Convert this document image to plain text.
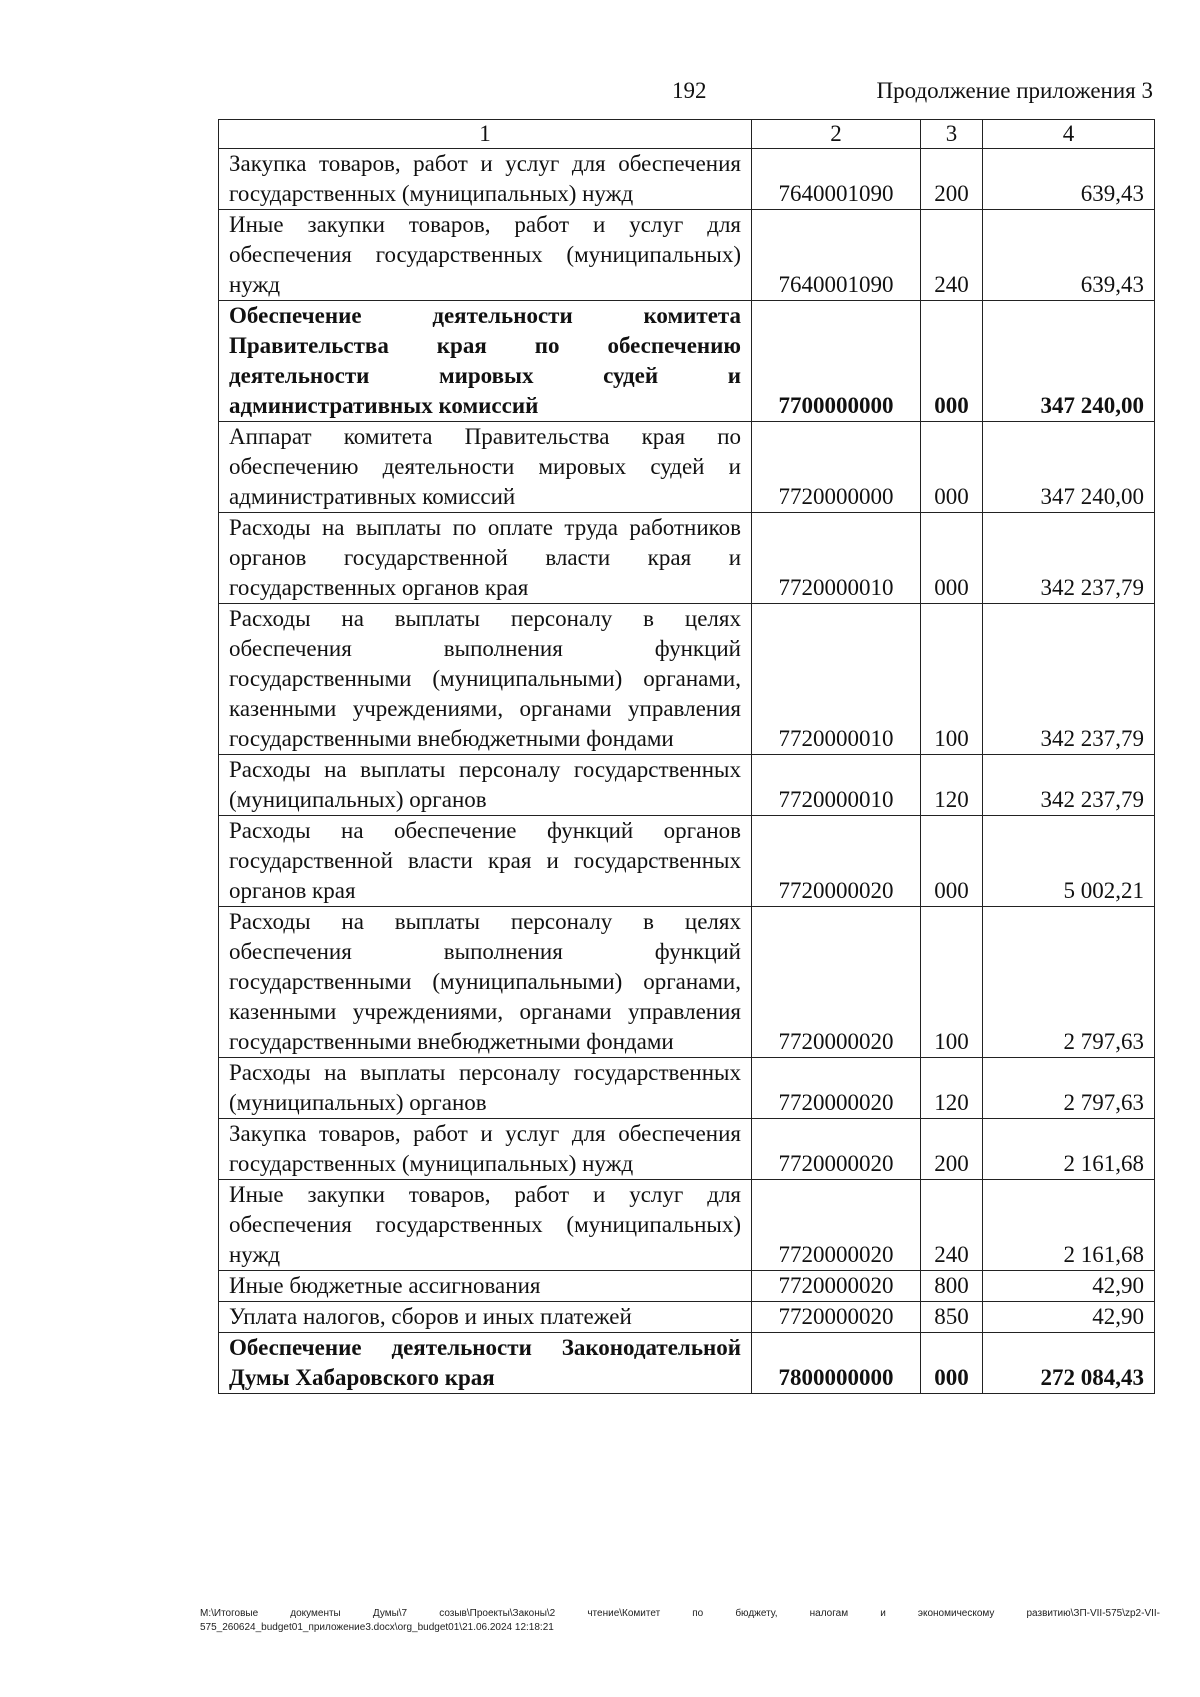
192	Продолжение приложения 3
1	2	3	4
Закупка товаров, работ и услуг для обеспечения государственных (муниципальных) нужд	7640001090	200	639,43
Иные закупки товаров, работ и услуг для обеспечения государственных (муниципальных) нужд	7640001090	240	639,43
Обеспечение деятельности комитета Правительства края по обеспечению деятельности мировых судей и административных комиссий	7700000000	000	347 240,00
Аппарат комитета Правительства края по обеспечению деятельности мировых судей и административных комиссий	7720000000	000	347 240,00
Расходы на выплаты по оплате труда работников органов государственной власти края и государственных органов края	7720000010	000	342 237,79
Расходы на выплаты персоналу в целях обеспечения выполнения функций государственными (муниципальными) органами, казенными учреждениями, органами управления государственными внебюджетными фондами	7720000010	100	342 237,79
Расходы на выплаты персоналу государственных (муниципальных) органов	7720000010	120	342 237,79
Расходы на обеспечение функций органов государственной власти края и государственных органов края	7720000020	000	5 002,21
Расходы на выплаты персоналу в целях обеспечения выполнения функций государственными (муниципальными) органами, казенными учреждениями, органами управления государственными внебюджетными фондами	7720000020	100	2 797,63
Расходы на выплаты персоналу государственных (муниципальных) органов	7720000020	120	2 797,63
Закупка товаров, работ и услуг для обеспечения государственных (муниципальных) нужд	7720000020	200	2 161,68
Иные закупки товаров, работ и услуг для обеспечения государственных (муниципальных) нужд	7720000020	240	2 161,68
Иные бюджетные ассигнования	7720000020	800	42,90
Уплата налогов, сборов и иных платежей	7720000020	850	42,90
Обеспечение деятельности Законодательной Думы Хабаровского края	7800000000	000	272 084,43
M:\Итоговые документы Думы\7 созыв\Проекты\Законы\2 чтение\Комитет по бюджету, налогам и экономическому развитию\ЗП-VII-575\zp2-VII-575_260624_budget01_приложение3.docx\org_budget01\21.06.2024 12:18:21
